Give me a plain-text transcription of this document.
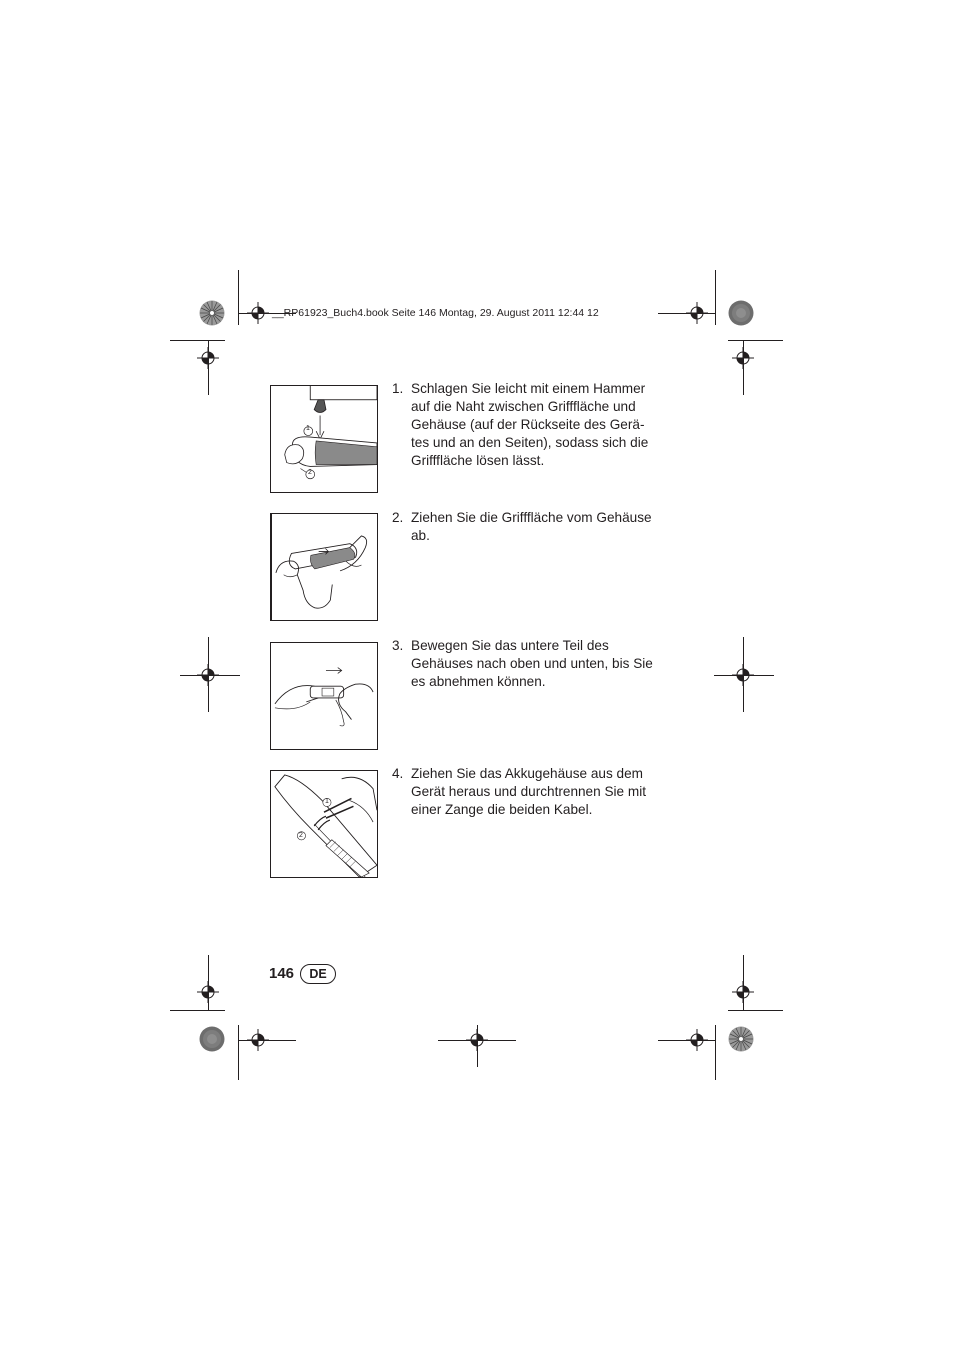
__RP61923_Buch4.book Seite 146 Montag, 29. August 2011 12:44 12
1
2
1. Schlagen Sie leicht mit einem Hammer
auf die Naht zwischen Grifffläche und
Gehäuse (auf der Rückseite des Gerä-
tes und an den Seiten), sodass sich die
Grifffläche lösen lässt.
2. Ziehen Sie die Grifffläche vom Gehäuse
ab.
3. Bewegen Sie das untere Teil des
Gehäuses nach oben und unten, bis Sie
es abnehmen können.
1
2
4. Ziehen Sie das Akkugehäuse aus dem
Gerät heraus und durchtrennen Sie mit
einer Zange die beiden Kabel.
146	DE
